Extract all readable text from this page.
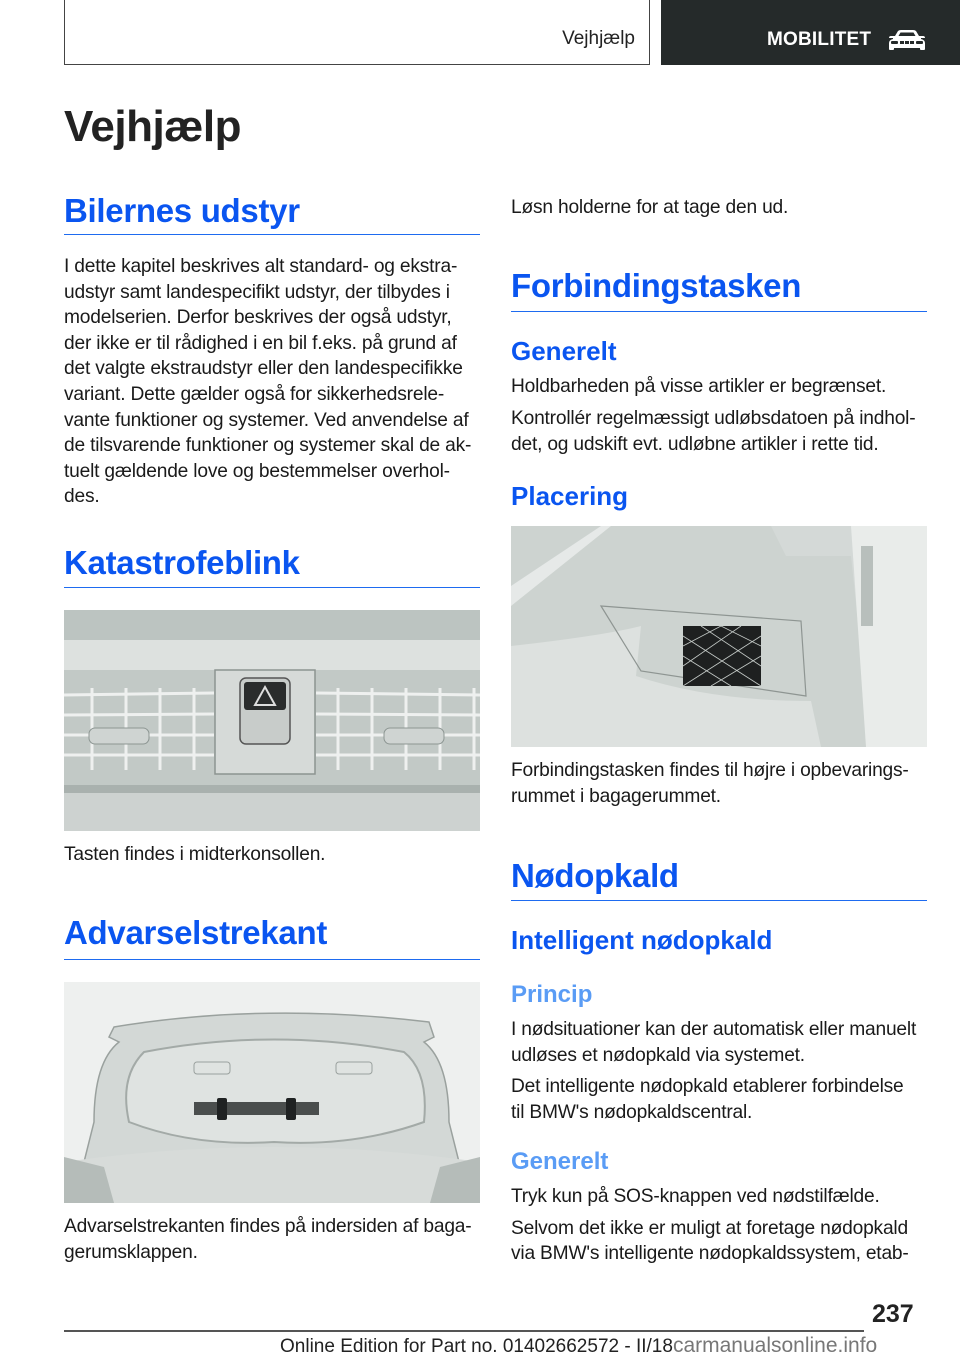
Vejhjælp	MOBILITET
Vejhjælp
Bilernes udstyr
I dette kapitel beskrives alt standard- og ekstra-
udstyr samt landespecifikt udstyr, der tilbydes i
modelserien. Derfor beskrives der også udstyr,
der ikke er til rådighed i en bil f.eks. på grund af
det valgte ekstraudstyr eller den landespecifikke
variant. Dette gælder også for sikkerhedsrele-
vante funktioner og systemer. Ved anvendelse af
de tilsvarende funktioner og systemer skal de ak-
tuelt gældende love og bestemmelser overhol-
des.
Katastrofeblink

Tasten findes i midterkonsollen.

Advarselstrekant
Advarselstrekanten findes på indersiden af baga-
gerumsklappen.

Løsn holderne for at tage den ud.

Forbindingstasken
Generelt

Holdbarheden på visse artikler er begrænset.

Kontrollér regelmæssigt udløbsdatoen på indhol-
det, og udskift evt. udløbne artikler i rette tid.
Placering
Forbindingstasken findes til højre i opbevarings-
rummet i bagagerummet.
Nødopkald
Intelligent nødopkald
Princip
I nødsituationer kan der automatisk eller manuelt
udløses et nødopkald via systemet.
Det intelligente nødopkald etablerer forbindelse
til BMW's nødopkaldscentral.
Generelt
Tryk kun på SOS-knappen ved nødstilfælde.
Selvom det ikke er muligt at foretage nødopkald
via BMW's intelligente nødopkaldssystem, etab-
237
Online Edition for Part no. 01402662572 - II/18carmanualsonline.info
